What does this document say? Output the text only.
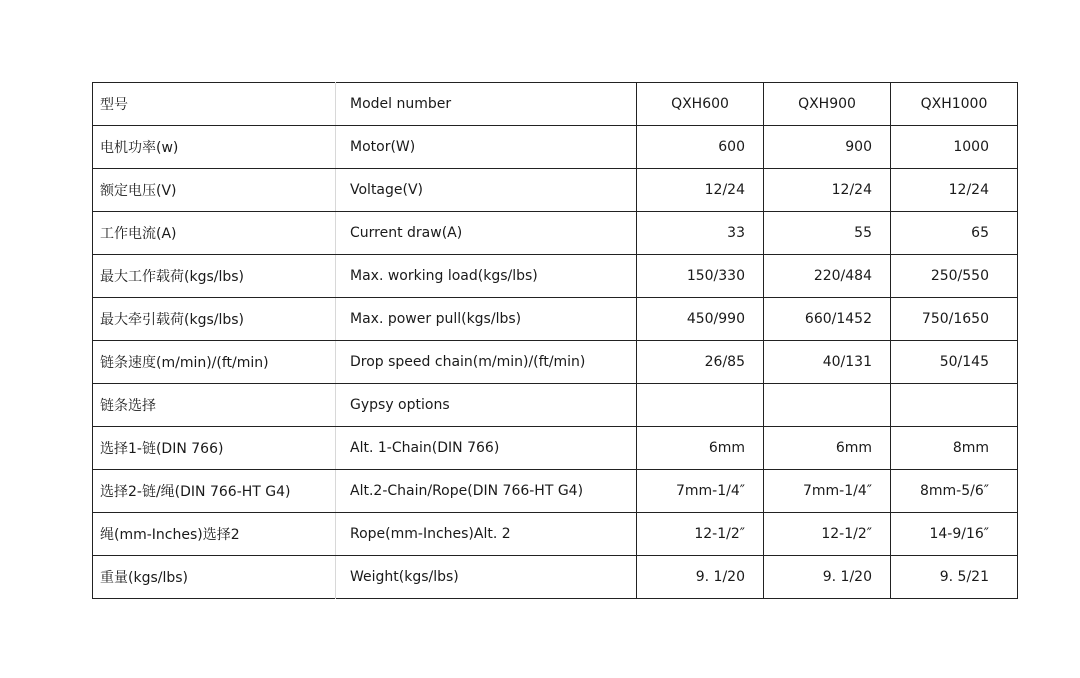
型号	Model number	QXH600	QXH900	QXH1000
电机功率(w)	Motor(W)	600	900	1000
额定电压(V)	Voltage(V)	12/24	12/24	12/24
工作电流(A)	Current draw(A)	33	55	65
最大工作载荷(kgs/lbs)	Max. working load(kgs/lbs)	150/330	220/484	250/550
最大牵引载荷(kgs/lbs)	Max. power pull(kgs/lbs)	450/990	660/1452	750/1650
链条速度(m/min)/(ft/min)	Drop speed chain(m/min)/(ft/min)	26/85	40/131	50/145
链条选择	Gypsy options			
选择1-链(DIN 766)	Alt. 1-Chain(DIN 766)	6mm	6mm	8mm
选择2-链/绳(DIN 766-HT G4)	Alt.2-Chain/Rope(DIN 766-HT G4)	7mm-1/4″	7mm-1/4″	8mm-5/6″
绳(mm-Inches)选择2	Rope(mm-Inches)Alt. 2	12-1/2″	12-1/2″	14-9/16″
重量(kgs/lbs)	Weight(kgs/lbs)	9. 1/20	9. 1/20	9. 5/21
